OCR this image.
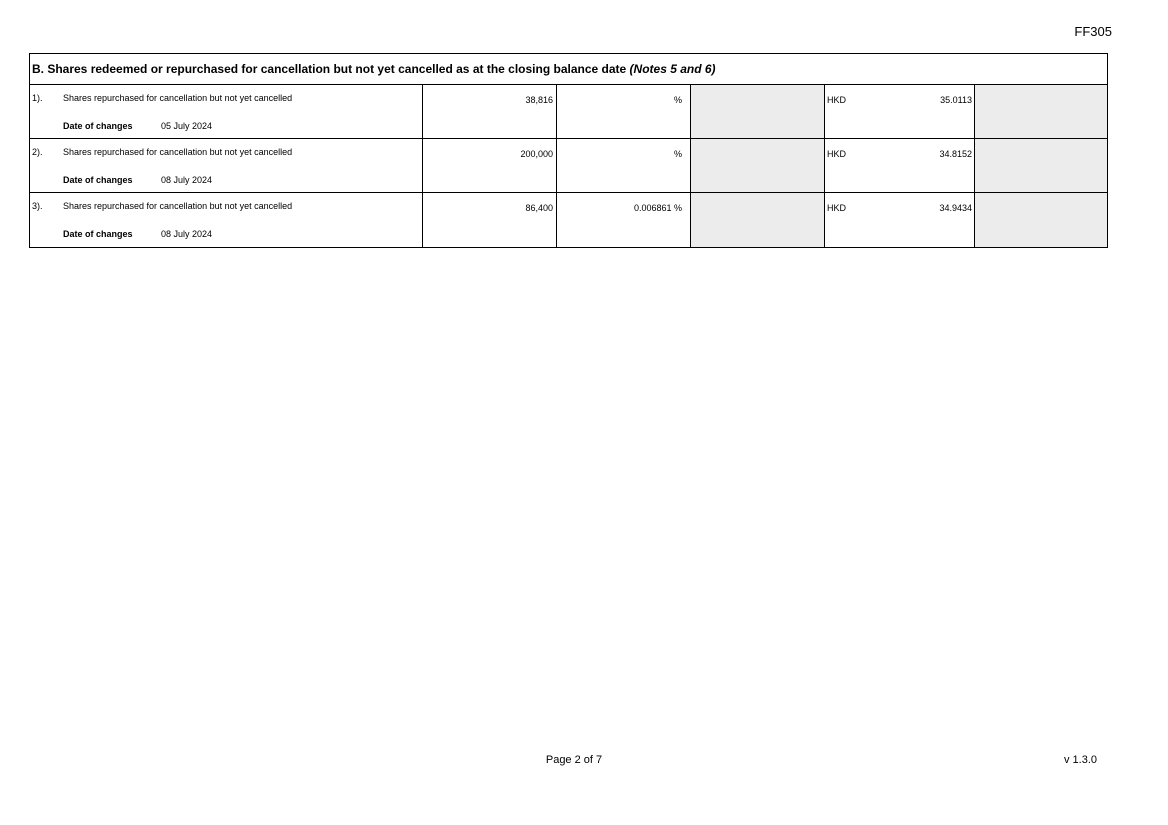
FF305
B. Shares redeemed or repurchased for cancellation but not yet cancelled as at the closing balance date (Notes 5 and 6)
1). Shares repurchased for cancellation but not yet cancelled
Date of changes	05 July 2024
38,816	%	HKD	35.0113
2). Shares repurchased for cancellation but not yet cancelled
Date of changes	08 July 2024
200,000	%	HKD	34.8152
3). Shares repurchased for cancellation but not yet cancelled
Date of changes	08 July 2024
86,400	0.006861 %	HKD	34.9434
Page 2 of 7	v 1.3.0
